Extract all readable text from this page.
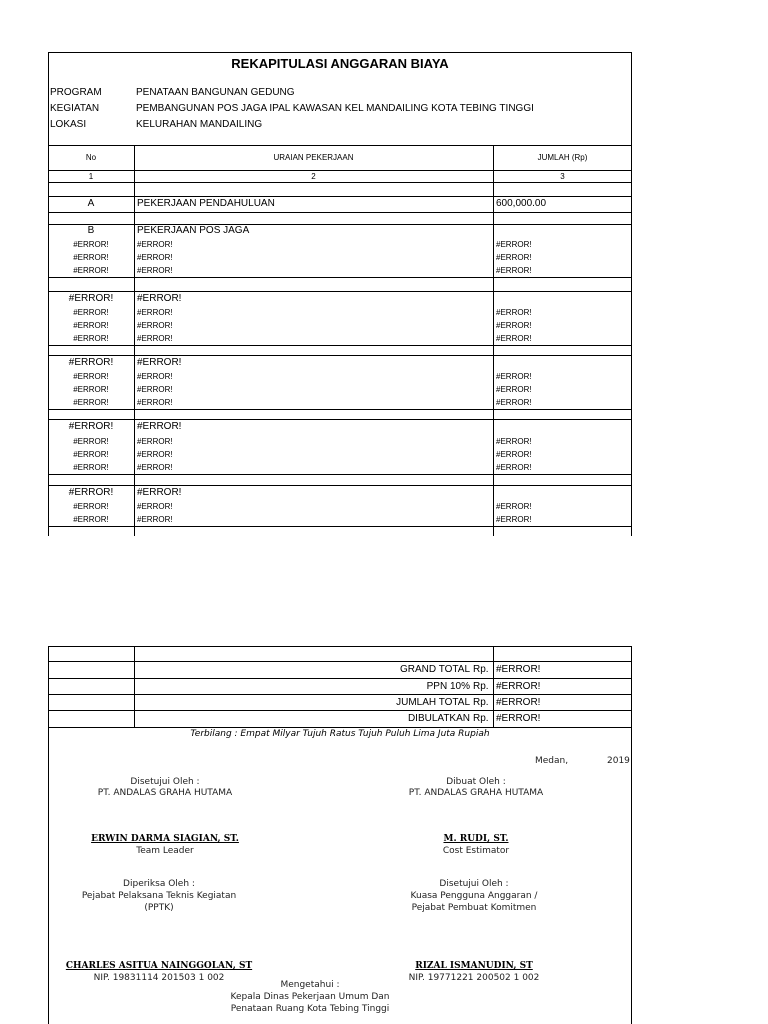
REKAPITULASI ANGGARAN BIAYA
PROGRAM	PENATAAN BANGUNAN GEDUNG
KEGIATAN	PEMBANGUNAN POS JAGA IPAL KAWASAN KEL MANDAILING KOTA TEBING TINGGI
LOKASI	KELURAHAN MANDAILING
No	URAIAN PEKERJAAN	JUMLAH (Rp)
1	2	3
A	PEKERJAAN PENDAHULUAN	600,000.00
B	PEKERJAAN POS JAGA
#ERROR!	#ERROR!	#ERROR!
#ERROR!	#ERROR!	#ERROR!
#ERROR!	#ERROR!	#ERROR!
#ERROR!	#ERROR!
#ERROR!	#ERROR!	#ERROR!
#ERROR!	#ERROR!	#ERROR!
#ERROR!	#ERROR!	#ERROR!
#ERROR!	#ERROR!
#ERROR!	#ERROR!	#ERROR!
#ERROR!	#ERROR!	#ERROR!
#ERROR!	#ERROR!	#ERROR!
#ERROR!	#ERROR!
#ERROR!	#ERROR!	#ERROR!
#ERROR!	#ERROR!	#ERROR!
#ERROR!	#ERROR!	#ERROR!
#ERROR!	#ERROR!
#ERROR!	#ERROR!	#ERROR!
#ERROR!	#ERROR!	#ERROR!
GRAND TOTAL Rp. #ERROR!
PPN 10% Rp. #ERROR!
JUMLAH TOTAL Rp. #ERROR!
DIBULATKAN Rp. #ERROR!
Terbilang : Empat Milyar Tujuh Ratus Tujuh Puluh Lima Juta Rupiah
Medan,	2019
Disetujui Oleh :
PT. ANDALAS GRAHA HUTAMA
ERWIN DARMA SIAGIAN, ST.
Team Leader
Dibuat Oleh :
PT. ANDALAS GRAHA HUTAMA
M. RUDI, ST.
Cost Estimator
Diperiksa Oleh :
Pejabat Pelaksana Teknis Kegiatan
(PPTK)
CHARLES ASITUA NAINGGOLAN, ST
NIP. 19831114 201503 1 002
Disetujui Oleh :
Kuasa Pengguna Anggaran /
Pejabat Pembuat Komitmen
RIZAL ISMANUDIN, ST
NIP. 19771221 200502 1 002
Mengetahui :
Kepala Dinas Pekerjaan Umum Dan
Penataan Ruang Kota Tebing Tinggi
